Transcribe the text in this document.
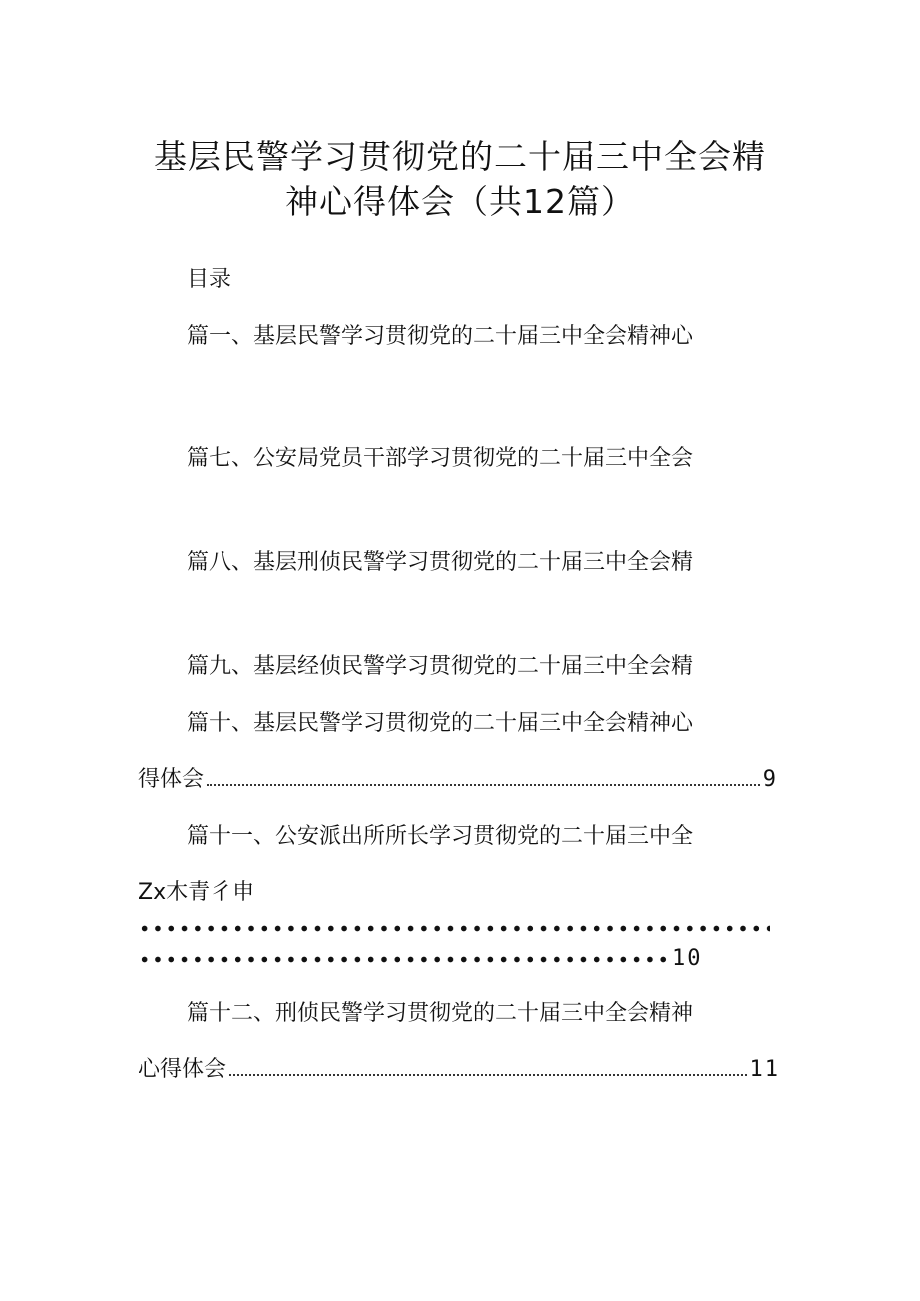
基层民警学习贯彻党的二十届三中全会精
神心得体会（共12篇）
目录
篇一、基层民警学习贯彻党的二十届三中全会精神心
篇七、公安局党员干部学习贯彻党的二十届三中全会
篇八、基层刑侦民警学习贯彻党的二十届三中全会精
篇九、基层经侦民警学习贯彻党的二十届三中全会精
篇十、基层民警学习贯彻党的二十届三中全会精神心
得体会	9
篇十一、公安派出所所长学习贯彻党的二十届三中全
Zx木青彳申
10
篇十二、刑侦民警学习贯彻党的二十届三中全会精神
心得体会	11
